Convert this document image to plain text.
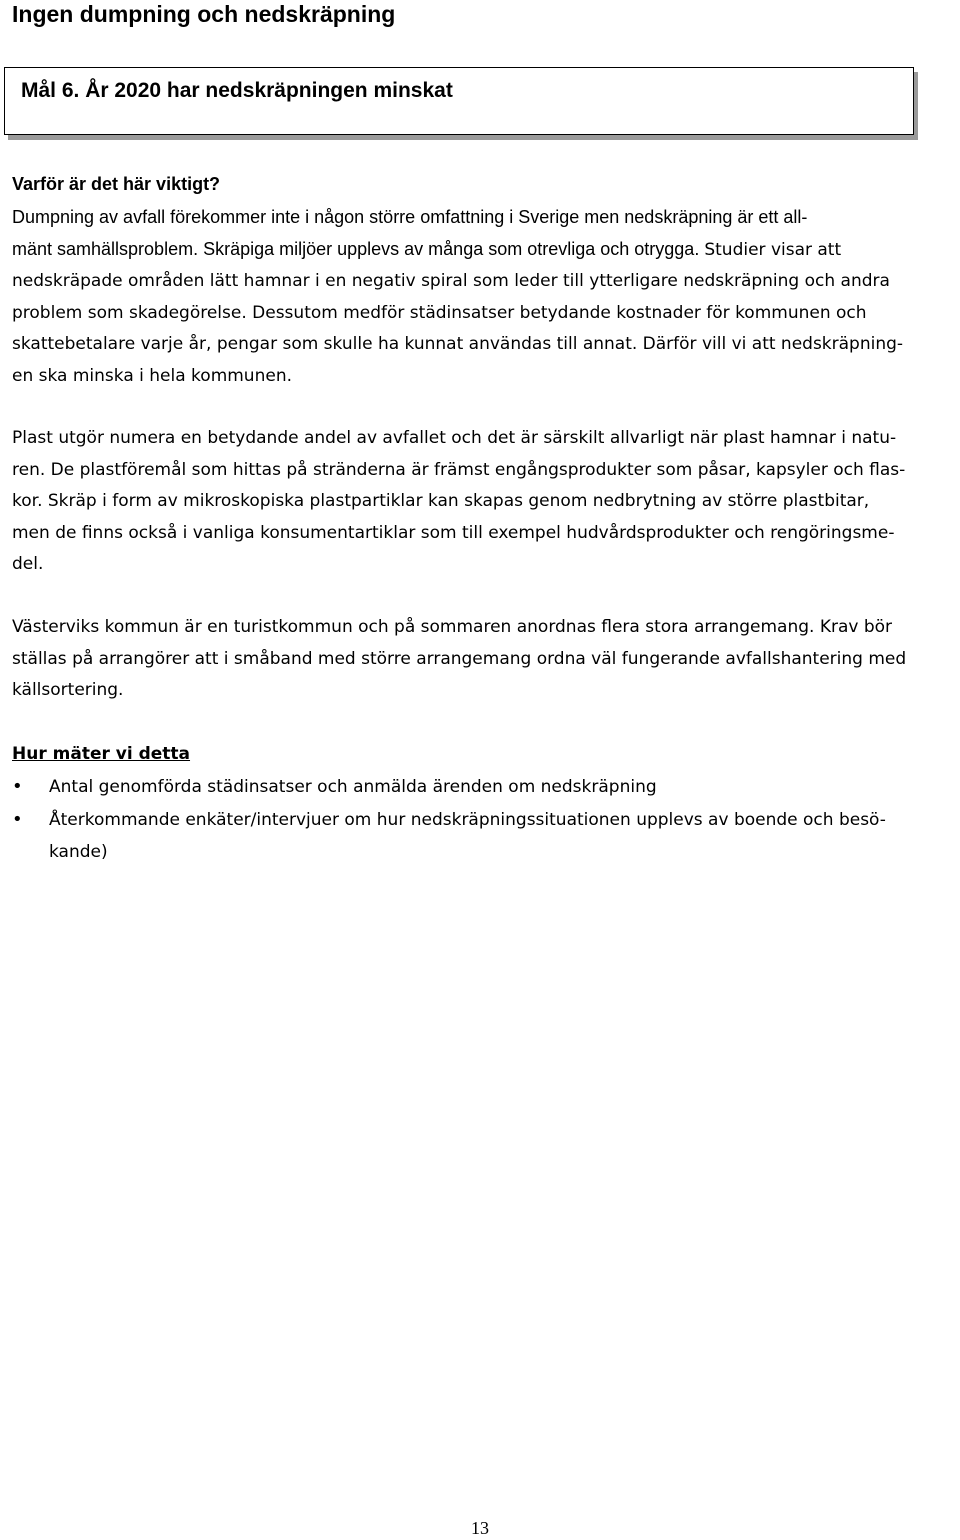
Ingen dumpning och nedskräpning

Mål 6. År 2020 har nedskräpningen minskat

Varför är det här viktigt?

Dumpning av avfall förekommer inte i någon större omfattning i Sverige men nedskräpning är ett all-
mänt samhällsproblem. Skräpiga miljöer upplevs av många som otrevliga och otrygga. Studier visar att
nedskräpade områden lätt hamnar i en negativ spiral som leder till ytterligare nedskräpning och andra
problem som skadegörelse. Dessutom medför städinsatser betydande kostnader för kommunen och
skattebetalare varje år, pengar som skulle ha kunnat användas till annat. Därför vill vi att nedskräpning-
en ska minska i hela kommunen.

Plast utgör numera en betydande andel av avfallet och det är särskilt allvarligt när plast hamnar i natu-
ren. De plastföremål som hittas på stränderna är främst engångsprodukter som påsar, kapsyler och flas-
kor. Skräp i form av mikroskopiska plastpartiklar kan skapas genom nedbrytning av större plastbitar,
men de finns också i vanliga konsumentartiklar som till exempel hudvårdsprodukter och rengöringsme-
del.

Västerviks kommun är en turistkommun och på sommaren anordnas flera stora arrangemang. Krav bör
ställas på arrangörer att i småband med större arrangemang ordna väl fungerande avfallshantering med
källsortering.

Hur mäter vi detta
• Antal genomförda städinsatser och anmälda ärenden om nedskräpning
• Återkommande enkäter/intervjuer om hur nedskräpningssituationen upplevs av boende och besö-
kande)
13
